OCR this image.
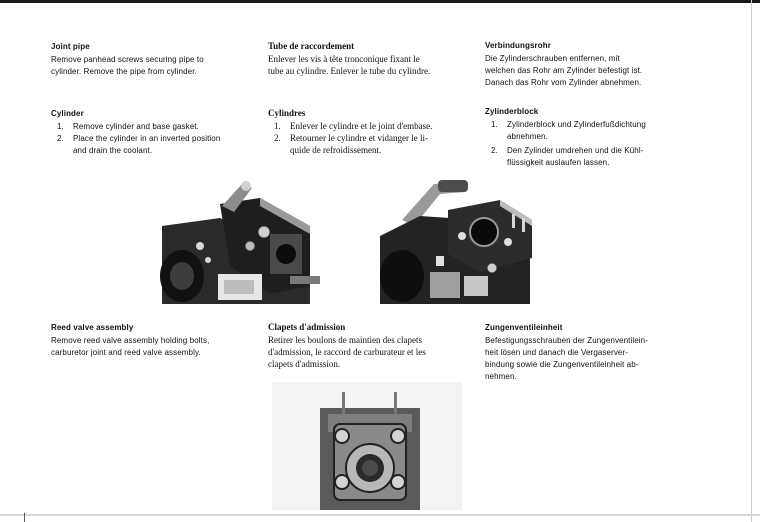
Joint pipe
Remove panhead screws securing pipe to
cylinder. Remove the pipe from cylinder.
Tube de raccordement
Enlever les vis à tête tronconique fixant le
tube au cylindre. Enlever le tube du cylindre.
Verbindungsrohr
Die Zylinderschrauben entfernen, mit
welchen das Rohr am Zylinder befestigt ist.
Danach das Rohr vom Zylinder abnehmen.
Cylinder
1. Remove cylinder and base gasket.
2. Place the cylinder in an inverted position
and drain the coolant.
Cylindres
1. Enlever le cylindre et le joint d'embase.
2. Retourner le cylindre et vidanger le li-
quide de refroidissement.
Zylinderblock
1. Zylinderblock und Zylinderfußdichtung
abnehmen.
2. Den Zylinder umdrehen und die Kühl-
flüssigkeit auslaufen lassen.
Reed valve assembly
Remove reed valve assembly holding bolts,
carburetor joint and reed valve assembly.
Clapets d'admission
Retirer les boulons de maintien des clapets
d'admission, le raccord de carburateur et les
clapets d'admission.
Zungenventileinheit
Befestigungsschrauben der Zungenventilein-
heit lösen und danach die Vergaserver-
bindung sowie die Zungenventileinheit ab-
nehmen.
